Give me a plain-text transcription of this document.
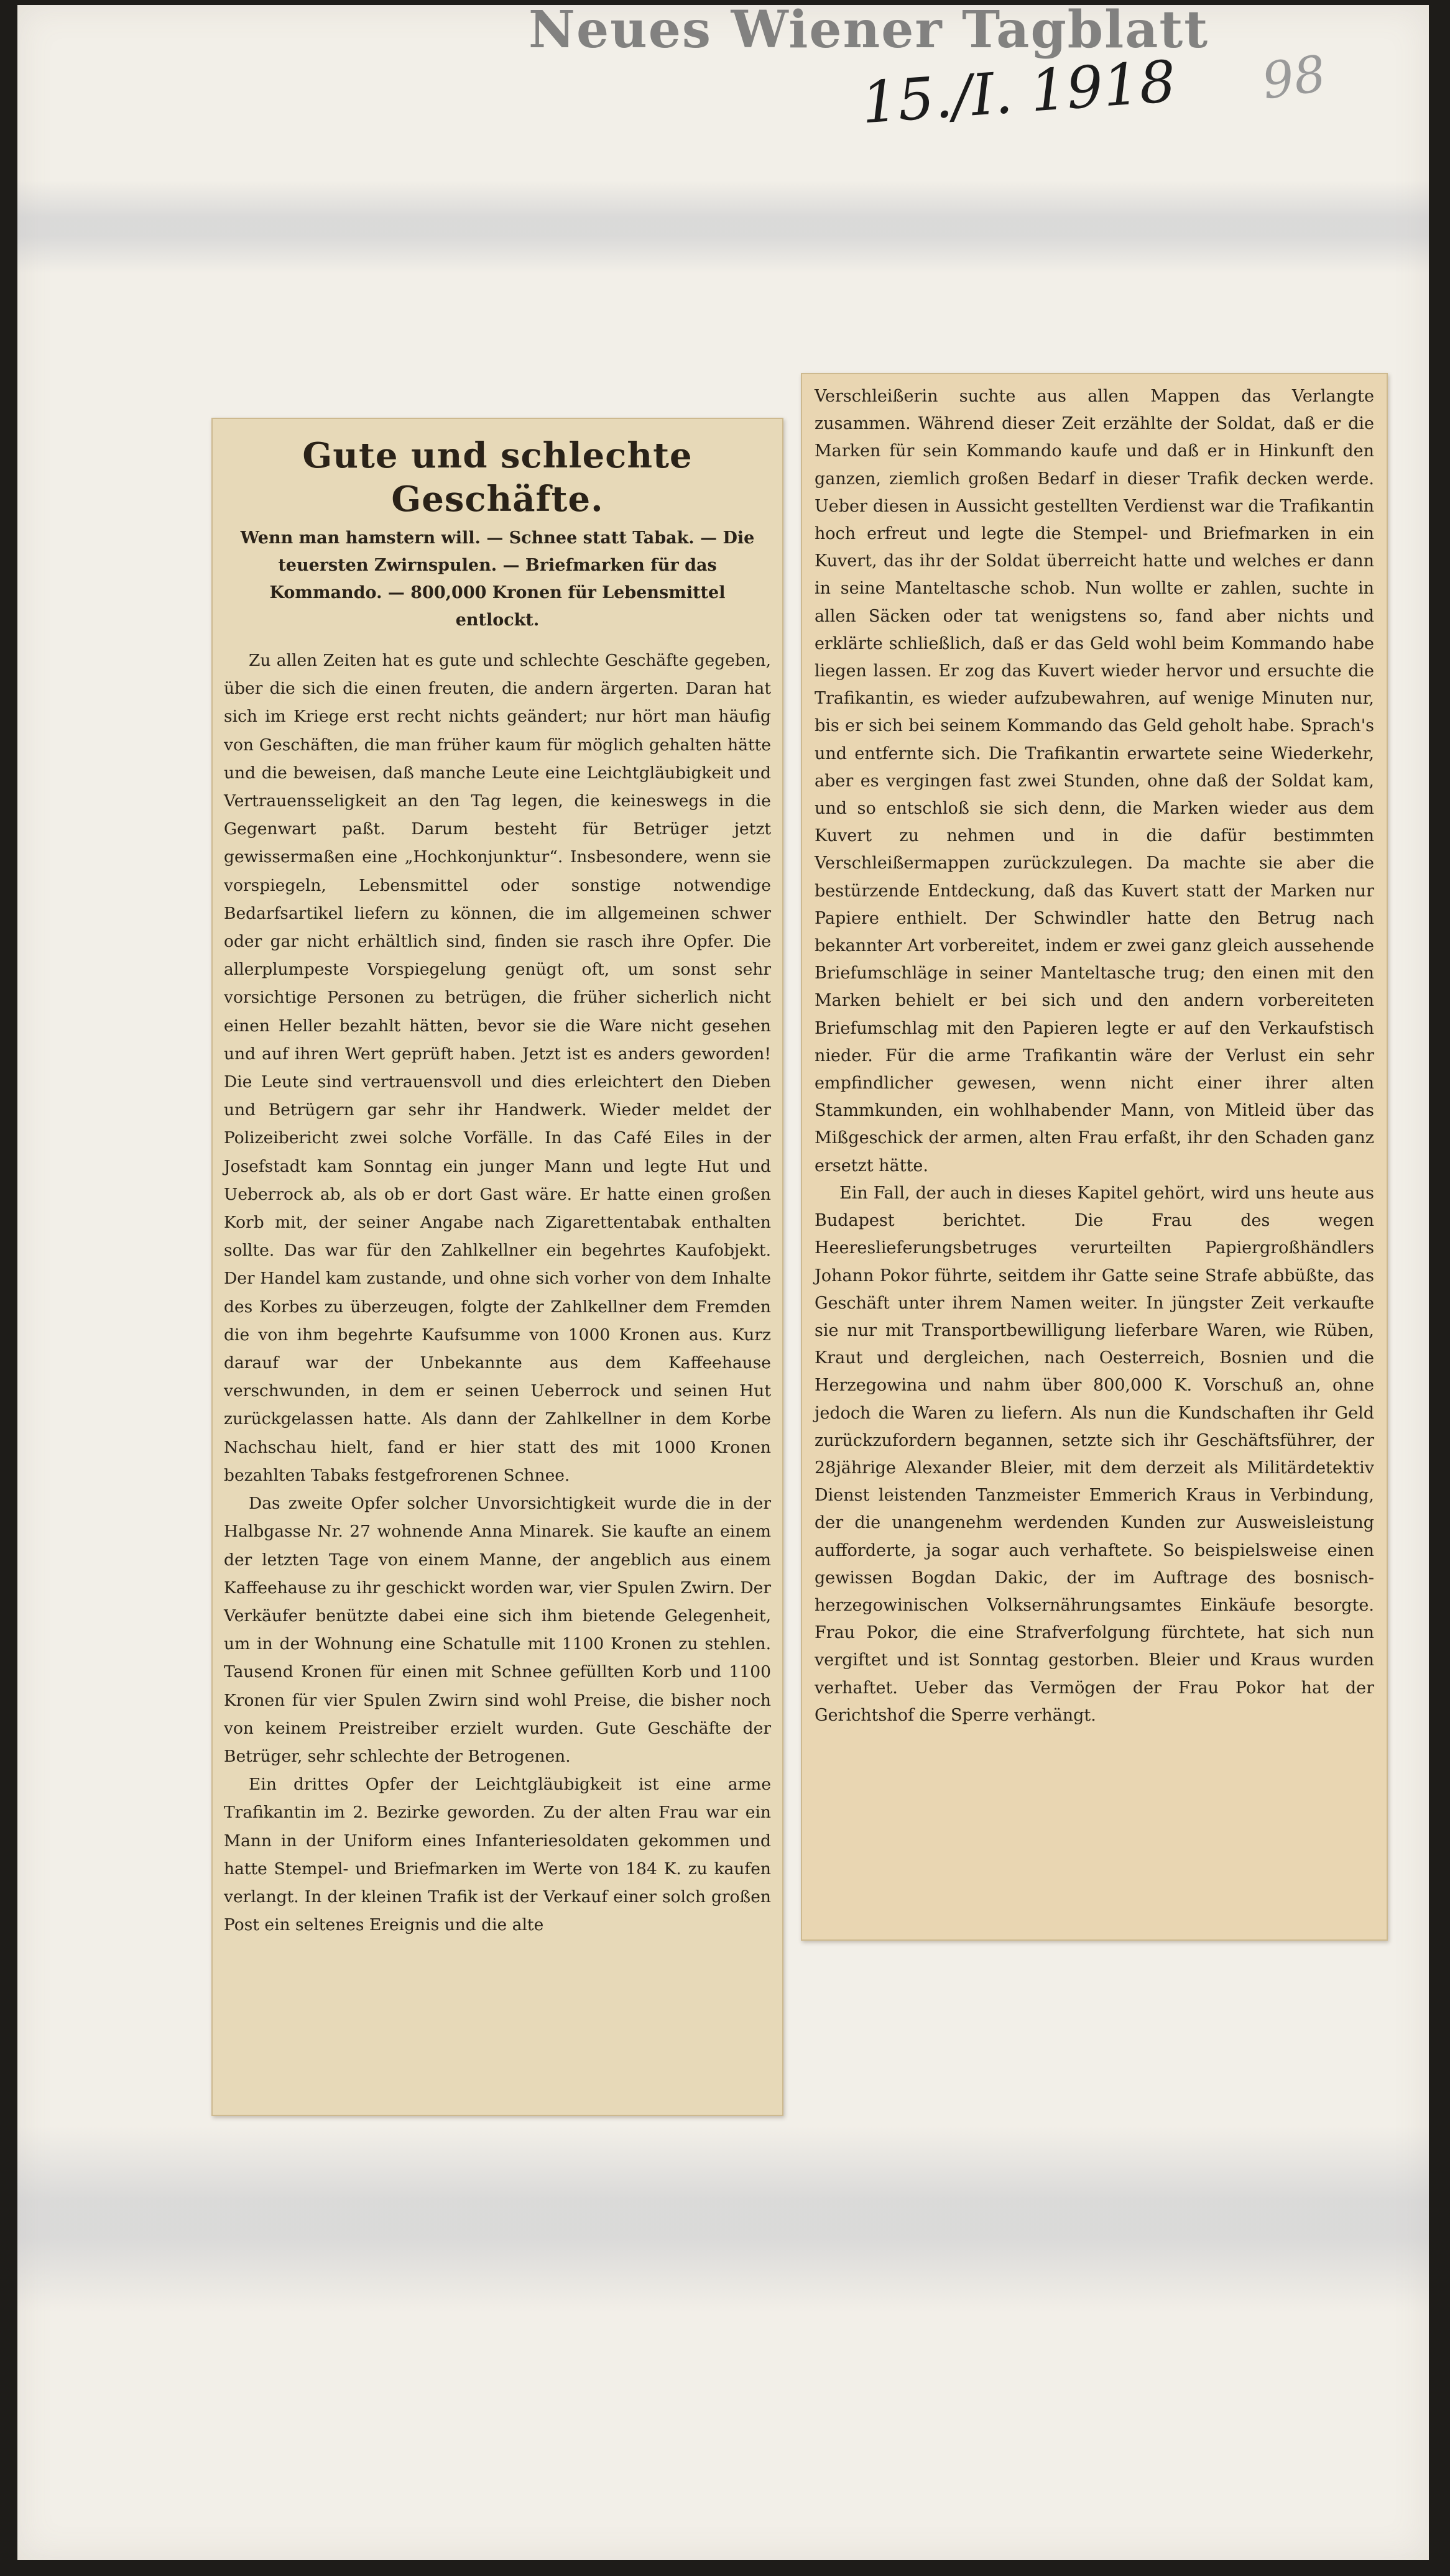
Neues Wiener Tagblatt
15./I. 1918 98
Gute und schlechte Geschäfte.
Wenn man hamstern will. — Schnee statt Tabak. — Die teuersten Zwirnspulen. — Briefmarken für das Kommando. — 800,000 Kronen für Lebensmittel entlockt.

Zu allen Zeiten hat es gute und schlechte Geschäfte gegeben, über die sich die einen freuten, die andern ärgerten. Daran hat sich im Kriege erst recht nichts geändert; nur hört man häufig von Geschäften, die man früher kaum für möglich gehalten hätte und die beweisen, daß manche Leute eine Leichtgläubigkeit und Vertrauensseligkeit an den Tag legen, die keineswegs in die Gegenwart paßt. Darum besteht für Betrüger jetzt gewissermaßen eine „Hochkonjunktur“. Insbesondere, wenn sie vorspiegeln, Lebensmittel oder sonstige notwendige Bedarfsartikel liefern zu können, die im allgemeinen schwer oder gar nicht erhältlich sind, finden sie rasch ihre Opfer. Die allerplumpeste Vorspiegelung genügt oft, um sonst sehr vorsichtige Personen zu betrügen, die früher sicherlich nicht einen Heller bezahlt hätten, bevor sie die Ware nicht gesehen und auf ihren Wert geprüft haben. Jetzt ist es anders geworden! Die Leute sind vertrauensvoll und dies erleichtert den Dieben und Betrügern gar sehr ihr Handwerk. Wieder meldet der Polizeibericht zwei solche Vorfälle. In das Café Eiles in der Josefstadt kam Sonntag ein junger Mann und legte Hut und Ueberrock ab, als ob er dort Gast wäre. Er hatte einen großen Korb mit, der seiner Angabe nach Zigarettentabak enthalten sollte. Das war für den Zahlkellner ein begehrtes Kaufobjekt. Der Handel kam zustande, und ohne sich vorher von dem Inhalte des Korbes zu überzeugen, folgte der Zahlkellner dem Fremden die von ihm begehrte Kaufsumme von 1000 Kronen aus. Kurz darauf war der Unbekannte aus dem Kaffeehause verschwunden, in dem er seinen Ueberrock und seinen Hut zurückgelassen hatte. Als dann der Zahlkellner in dem Korbe Nachschau hielt, fand er hier statt des mit 1000 Kronen bezahlten Tabaks festgefrorenen Schnee.

Das zweite Opfer solcher Unvorsichtigkeit wurde die in der Halbgasse Nr. 27 wohnende Anna Minarek. Sie kaufte an einem der letzten Tage von einem Manne, der angeblich aus einem Kaffeehause zu ihr geschickt worden war, vier Spulen Zwirn. Der Verkäufer benützte dabei eine sich ihm bietende Gelegenheit, um in der Wohnung eine Schatulle mit 1100 Kronen zu stehlen. Tausend Kronen für einen mit Schnee gefüllten Korb und 1100 Kronen für vier Spulen Zwirn sind wohl Preise, die bisher noch von keinem Preistreiber erzielt wurden. Gute Geschäfte der Betrüger, sehr schlechte der Betrogenen.

Ein drittes Opfer der Leichtgläubigkeit ist eine arme Trafikantin im 2. Bezirke geworden. Zu der alten Frau war ein Mann in der Uniform eines Infanteriesoldaten gekommen und hatte Stempel- und Briefmarken im Werte von 184 K. zu kaufen verlangt. In der kleinen Trafik ist der Verkauf einer solch großen Post ein seltenes Ereignis und die alte

Verschleißerin suchte aus allen Mappen das Verlangte zusammen. Während dieser Zeit erzählte der Soldat, daß er die Marken für sein Kommando kaufe und daß er in Hinkunft den ganzen, ziemlich großen Bedarf in dieser Trafik decken werde. Ueber diesen in Aussicht gestellten Verdienst war die Trafikantin hoch erfreut und legte die Stempel- und Briefmarken in ein Kuvert, das ihr der Soldat überreicht hatte und welches er dann in seine Manteltasche schob. Nun wollte er zahlen, suchte in allen Säcken oder tat wenigstens so, fand aber nichts und erklärte schließlich, daß er das Geld wohl beim Kommando habe liegen lassen. Er zog das Kuvert wieder hervor und ersuchte die Trafikantin, es wieder aufzubewahren, auf wenige Minuten nur, bis er sich bei seinem Kommando das Geld geholt habe. Sprach's und entfernte sich. Die Trafikantin erwartete seine Wiederkehr, aber es vergingen fast zwei Stunden, ohne daß der Soldat kam, und so entschloß sie sich denn, die Marken wieder aus dem Kuvert zu nehmen und in die dafür bestimmten Verschleißermappen zurückzulegen. Da machte sie aber die bestürzende Entdeckung, daß das Kuvert statt der Marken nur Papiere enthielt. Der Schwindler hatte den Betrug nach bekannter Art vorbereitet, indem er zwei ganz gleich aussehende Briefumschläge in seiner Manteltasche trug; den einen mit den Marken behielt er bei sich und den andern vorbereiteten Briefumschlag mit den Papieren legte er auf den Verkaufstisch nieder. Für die arme Trafikantin wäre der Verlust ein sehr empfindlicher gewesen, wenn nicht einer ihrer alten Stammkunden, ein wohlhabender Mann, von Mitleid über das Mißgeschick der armen, alten Frau erfaßt, ihr den Schaden ganz ersetzt hätte.

Ein Fall, der auch in dieses Kapitel gehört, wird uns heute aus Budapest berichtet. Die Frau des wegen Heereslieferungsbetruges verurteilten Papiergroßhändlers Johann Pokor führte, seitdem ihr Gatte seine Strafe abbüßte, das Geschäft unter ihrem Namen weiter. In jüngster Zeit verkaufte sie nur mit Transportbewilligung lieferbare Waren, wie Rüben, Kraut und dergleichen, nach Oesterreich, Bosnien und die Herzegowina und nahm über 800,000 K. Vorschuß an, ohne jedoch die Waren zu liefern. Als nun die Kundschaften ihr Geld zurückzufordern begannen, setzte sich ihr Geschäftsführer, der 28jährige Alexander Bleier, mit dem derzeit als Militärdetektiv Dienst leistenden Tanzmeister Emmerich Kraus in Verbindung, der die unangenehm werdenden Kunden zur Ausweisleistung aufforderte, ja sogar auch verhaftete. So beispielsweise einen gewissen Bogdan Dakic, der im Auftrage des bosnisch-herzegowinischen Volksernährungsamtes Einkäufe besorgte. Frau Pokor, die eine Strafverfolgung fürchtete, hat sich nun vergiftet und ist Sonntag gestorben. Bleier und Kraus wurden verhaftet. Ueber das Vermögen der Frau Pokor hat der Gerichtshof die Sperre verhängt.
